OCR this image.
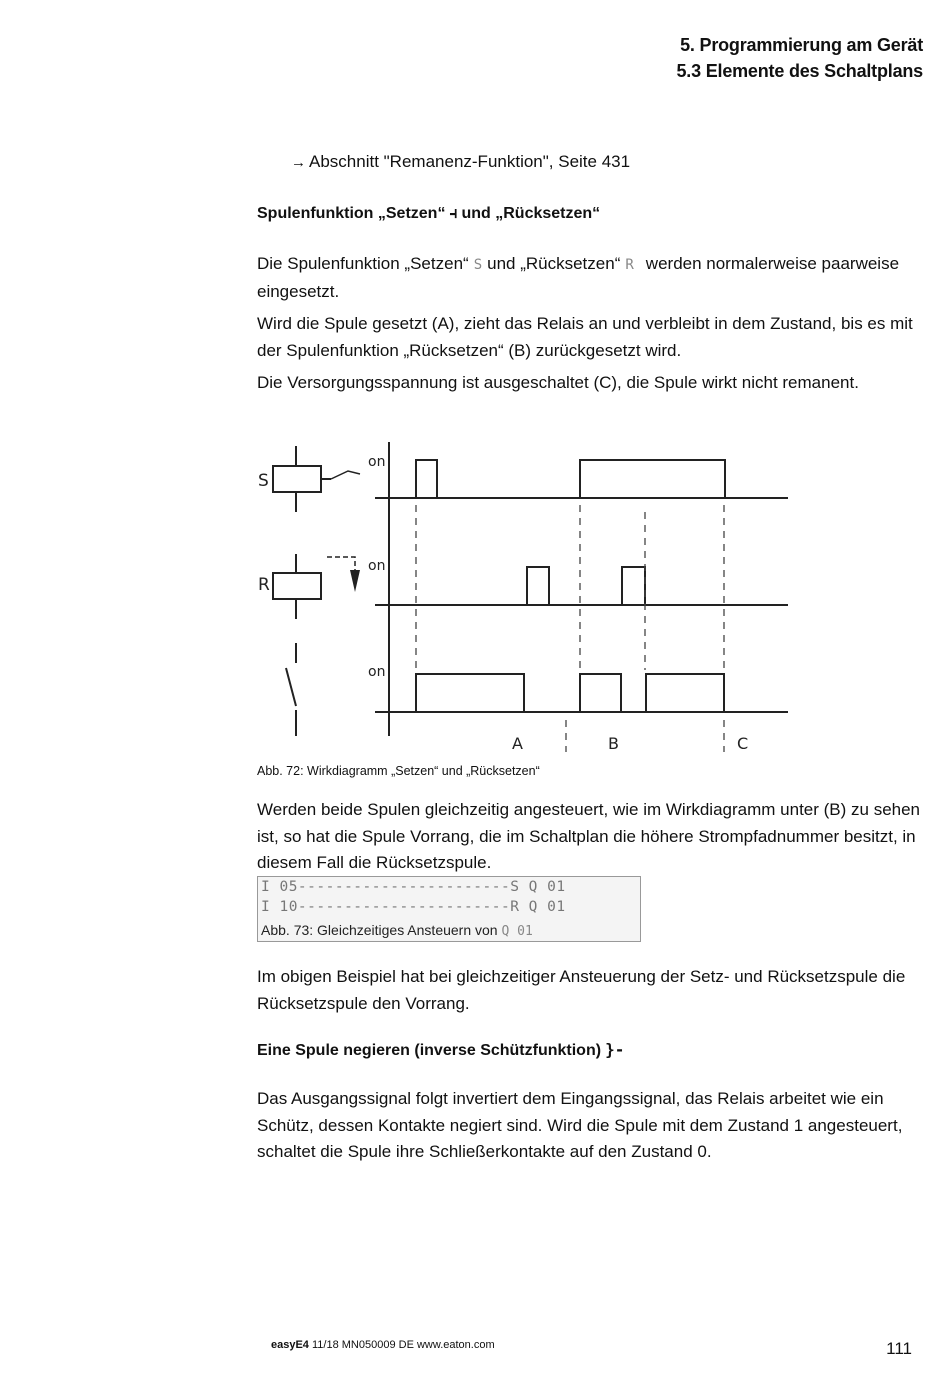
5. Programmierung am Gerät
5.3 Elemente des Schaltplans
→ Abschnitt "Remanenz-Funktion", Seite 431
Spulenfunktion „Setzen“ ⫞ und „Rücksetzen“
Die Spulenfunktion „Setzen“ S und „Rücksetzen“ R werden normalerweise paarweise eingesetzt.
Wird die Spule gesetzt (A), zieht das Relais an und verbleibt in dem Zustand, bis es mit der Spulenfunktion „Rücksetzen“ (B) zurückgesetzt wird.
Die Versorgungsspannung ist ausgeschaltet (C), die Spule wirkt nicht remanent.
S
R
on
on
on
A	B	C
Abb. 72: Wirkdiagramm „Setzen“ und „Rücksetzen“
Werden beide Spulen gleichzeitig angesteuert, wie im Wirkdiagramm unter (B) zu sehen ist, so hat die Spule Vorrang, die im Schaltplan die höhere Strompfadnummer besitzt, in diesem Fall die Rücksetzspule.
I 05-----------------------S Q 01
I 10-----------------------R Q 01
Abb. 73: Gleichzeitiges Ansteuern von Q 01
Im obigen Beispiel hat bei gleichzeitiger Ansteuerung der Setz- und Rücksetzspule die Rücksetzspule den Vorrang.
Eine Spule negieren (inverse Schützfunktion) }-
Das Ausgangssignal folgt invertiert dem Eingangssignal, das Relais arbeitet wie ein Schütz, dessen Kontakte negiert sind. Wird die Spule mit dem Zustand 1 angesteuert, schaltet die Spule ihre Schließerkontakte auf den Zustand 0.
easyE4 11/18 MN050009 DE www.eaton.com	111
